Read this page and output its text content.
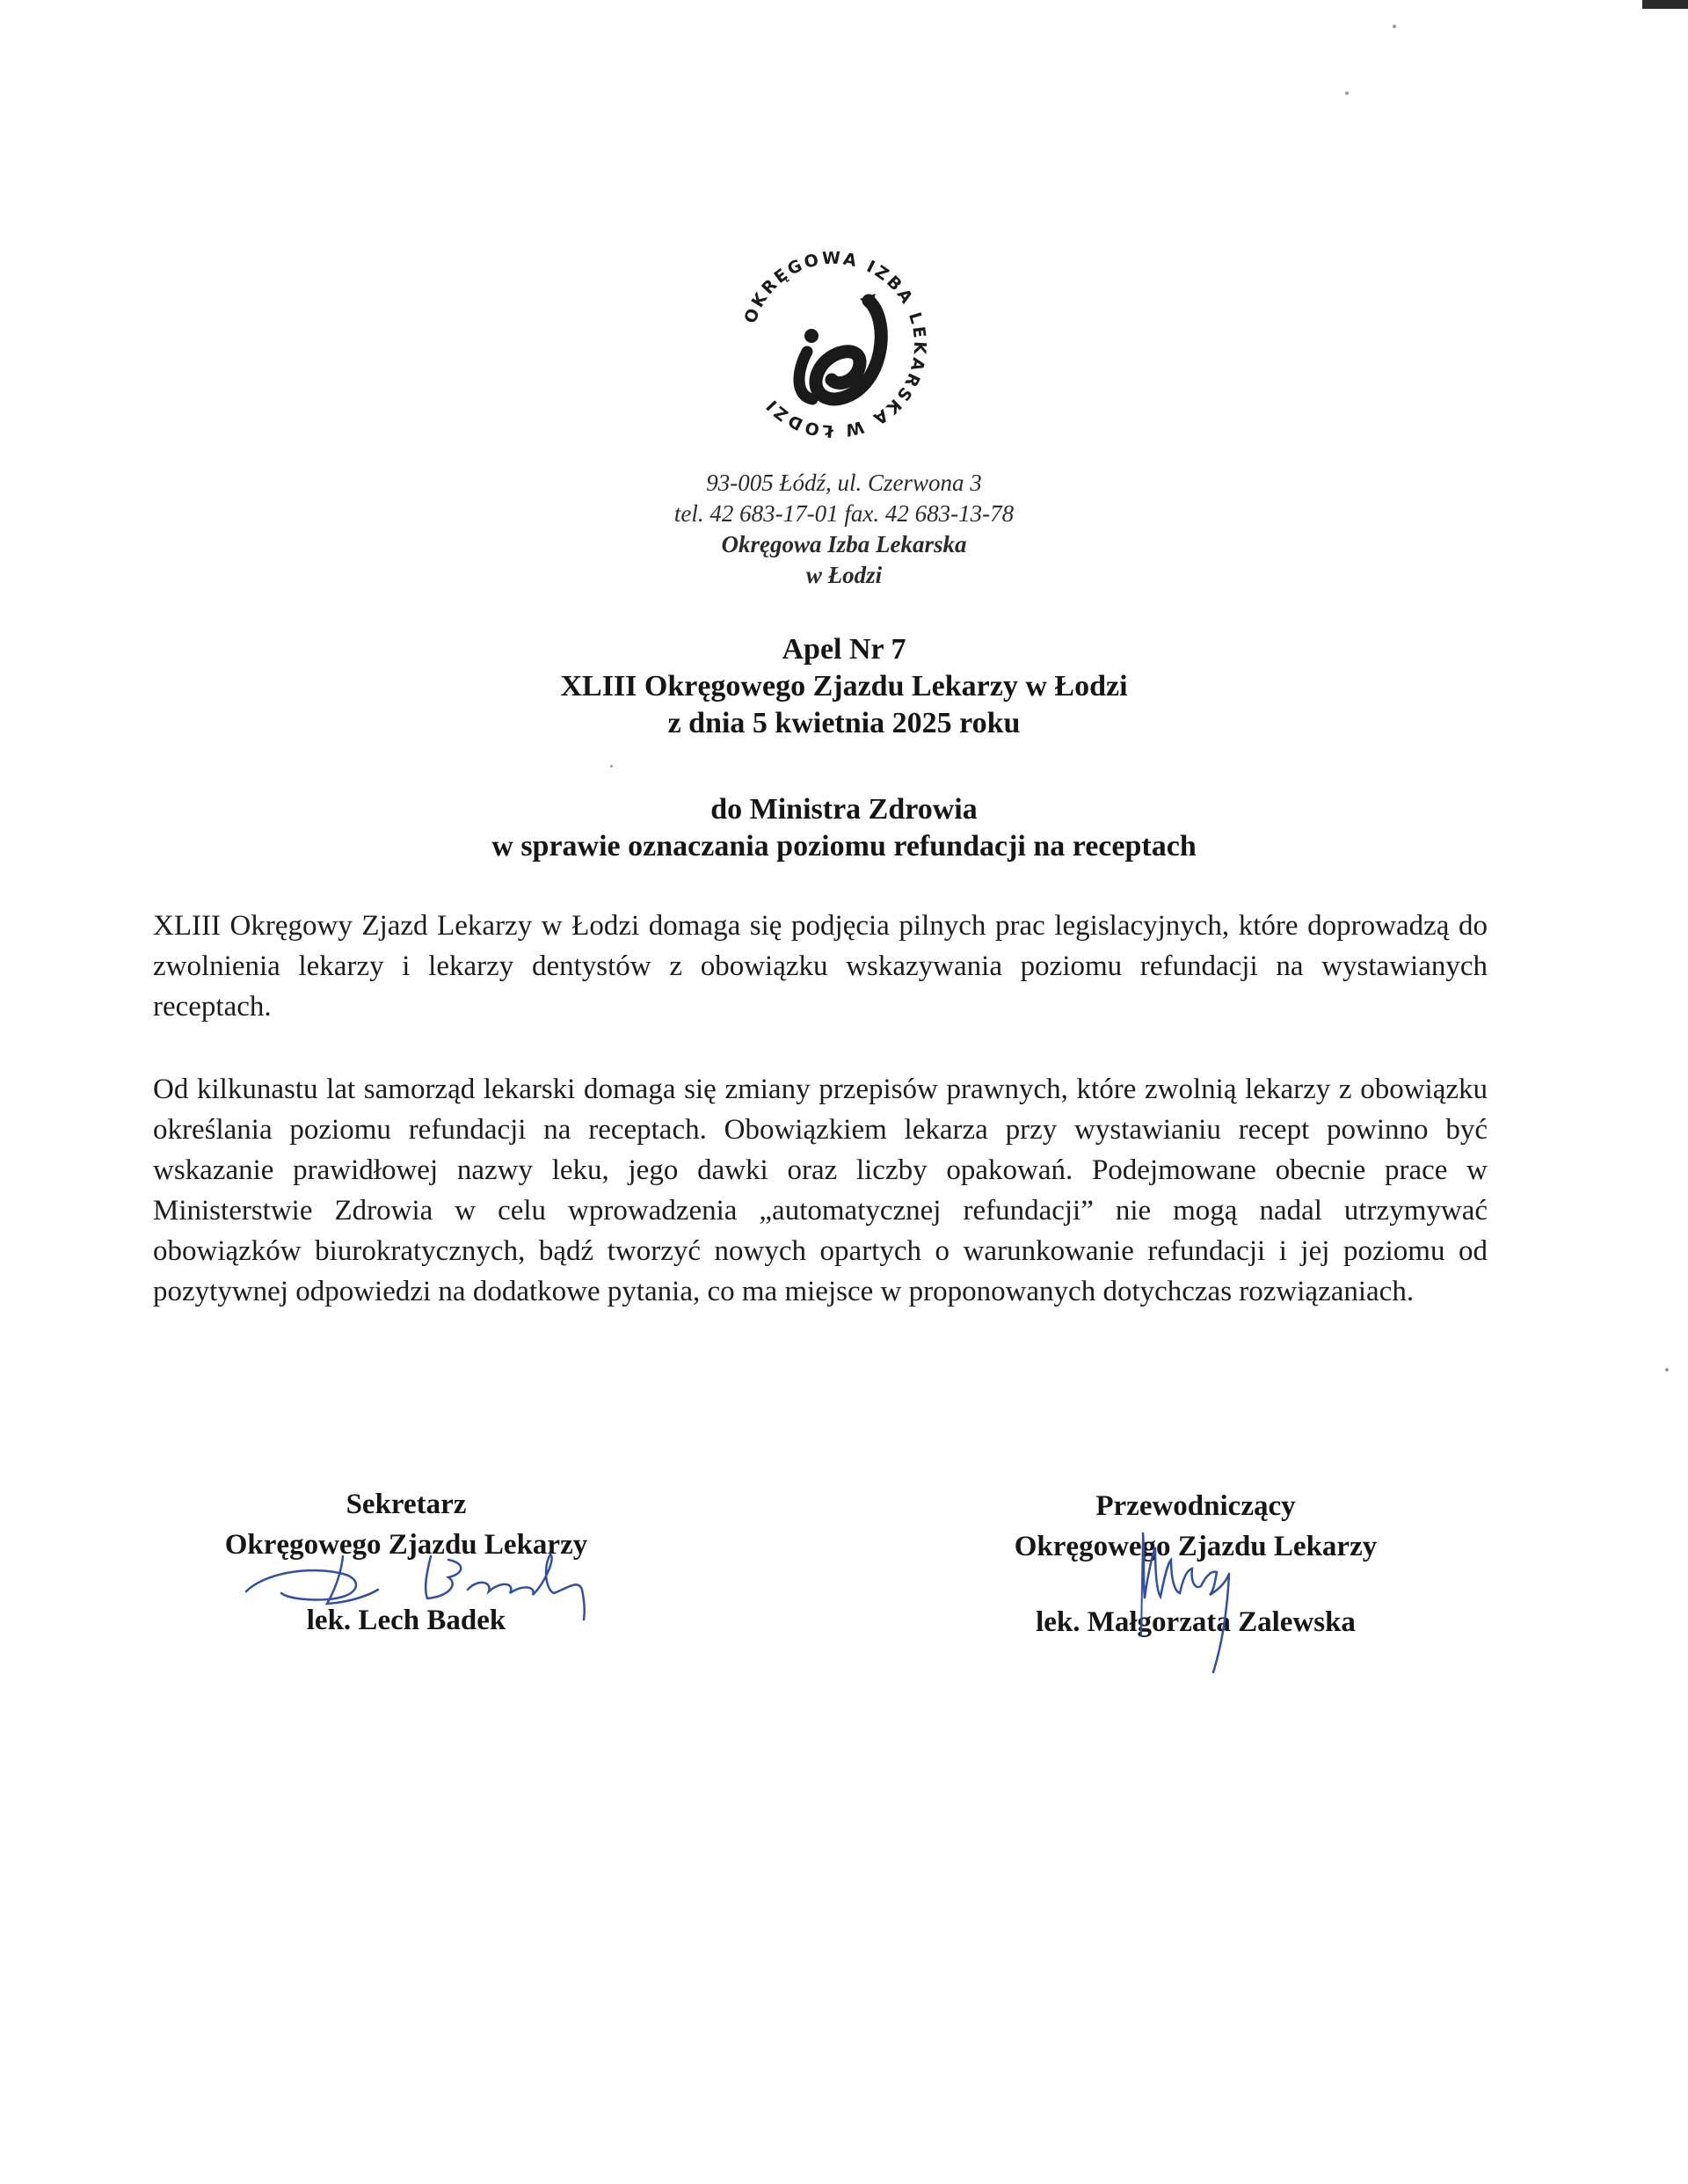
OKRĘGOWA IZBA LEKARSKA W ŁODZI
93-005 Łódź, ul. Czerwona 3
tel. 42 683-17-01 fax. 42 683-13-78
Okręgowa Izba Lekarska
w Łodzi
Apel Nr 7
XLIII Okręgowego Zjazdu Lekarzy w Łodzi
z dnia 5 kwietnia 2025 roku
do Ministra Zdrowia
w sprawie oznaczania poziomu refundacji na receptach

XLIII Okręgowy Zjazd Lekarzy w Łodzi domaga się podjęcia pilnych prac legislacyjnych, które doprowadzą do zwolnienia lekarzy i lekarzy dentystów z obowiązku wskazywania poziomu refundacji na wystawianych receptach.

Od kilkunastu lat samorząd lekarski domaga się zmiany przepisów prawnych, które zwolnią lekarzy z obowiązku określania poziomu refundacji na receptach. Obowiązkiem lekarza przy wystawianiu recept powinno być wskazanie prawidłowej nazwy leku, jego dawki oraz liczby opakowań. Podejmowane obecnie prace w Ministerstwie Zdrowia w celu wprowadzenia „automatycznej refundacji” nie mogą nadal utrzymywać obowiązków biurokratycznych, bądź tworzyć nowych opartych o warunkowanie refundacji i jej poziomu od pozytywnej odpowiedzi na dodatkowe pytania, co ma miejsce w proponowanych dotychczas rozwiązaniach.

Sekretarz
Okręgowego Zjazdu Lekarzy
lek. Lech Badek
Przewodniczący
Okręgowego Zjazdu Lekarzy
lek. Małgorzata Zalewska
